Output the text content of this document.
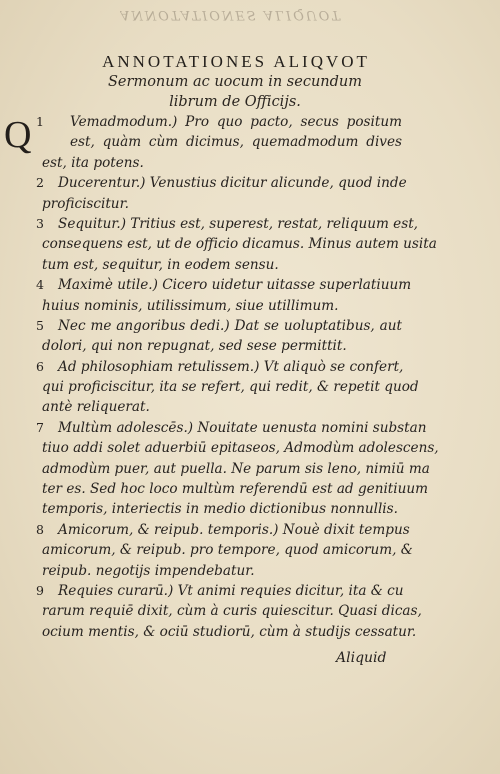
ANNOTATIONES ALIQUOT
ANNOTATIONES ALIQVOT
Sermonum ac uocum in secundum
librum de Officijs.
Q 1 Vemadmodum.) Pro quo pacto, secus positum
est, quàm cùm dicimus, quemadmodum dives
est, ita potens.
2 Ducerentur.) Venustius dicitur alicunde, quod inde
proficiscitur.
3 Sequitur.) Tritius est, superest, restat, reliquum est,
consequens est, ut de officio dicamus. Minus autem usita
tum est, sequitur, in eodem sensu.
4 Maximè utile.) Cicero uidetur uitasse superlatiuum
huius nominis, utilissimum, siue utillimum.
5 Nec me angoribus dedi.) Dat se uoluptatibus, aut
dolori, qui non repugnat, sed sese permittit.
6 Ad philosophiam retulissem.) Vt aliquò se confert,
qui proficiscitur, ita se refert, qui redit, & repetit quod
antè reliquerat.
7 Multùm adolescēs.) Nouitate uenusta nomini substan
tiuo addi solet aduerbiū epitaseos, Admodùm adolescens,
admodùm puer, aut puella. Ne parum sis leno, nimiū ma
ter es. Sed hoc loco multùm referendū est ad genitiuum
temporis, interiectis in medio dictionibus nonnullis.
8 Amicorum, & reipub. temporis.) Nouè dixit tempus
amicorum, & reipub. pro tempore, quod amicorum, &
reipub. negotijs impendebatur.
9 Requies curarū.) Vt animi requies dicitur, ita & cu
rarum requiē dixit, cùm à curis quiescitur. Quasi dicas,
ocium mentis, & ociū studiorū, cùm à studijs cessatur.
Aliquid
